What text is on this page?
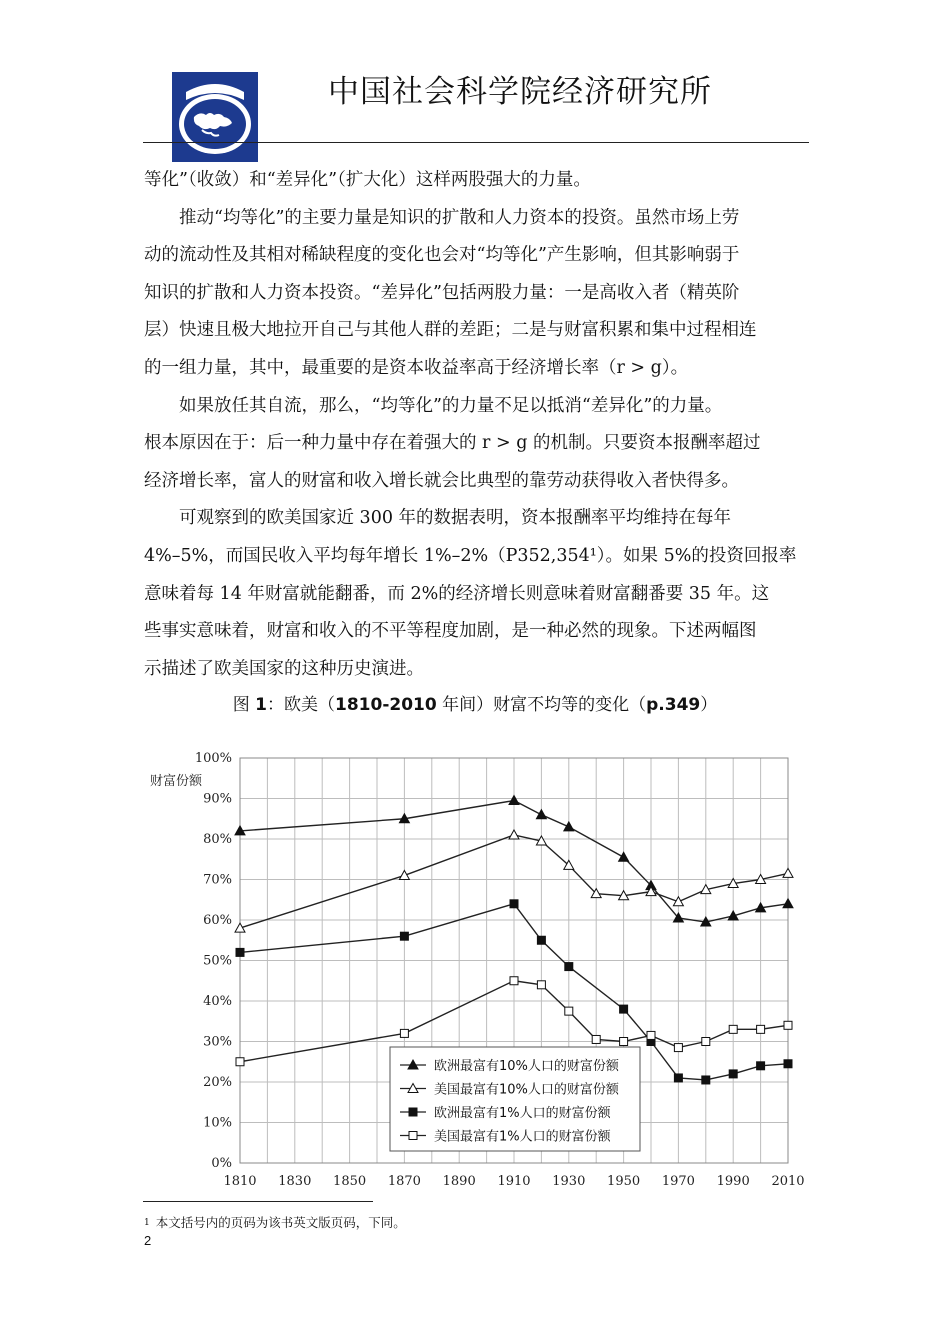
中国社会科学院经济研究所

等化”（收敛）和“差异化”（扩大化）这样两股强大的力量。

推动“均等化”的主要力量是知识的扩散和人力资本的投资。虽然市场上劳
动的流动性及其相对稀缺程度的变化也会对“均等化”产生影响，但其影响弱于
知识的扩散和人力资本投资。“差异化”包括两股力量：一是高收入者（精英阶
层）快速且极大地拉开自己与其他人群的差距；二是与财富积累和集中过程相连
的一组力量，其中，最重要的是资本收益率高于经济增长率（r > g）。

如果放任其自流，那么，“均等化”的力量不足以抵消“差异化”的力量。
根本原因在于：后一种力量中存在着强大的 r > g 的机制。只要资本报酬率超过
经济增长率，富人的财富和收入增长就会比典型的靠劳动获得收入者快得多。

可观察到的欧美国家近 300 年的数据表明，资本报酬率平均维持在每年
4%–5%，而国民收入平均每年增长 1%–2%（P352,354¹）。如果 5%的投资回报率
意味着每 14 年财富就能翻番，而 2%的经济增长则意味着财富翻番要 35 年。这
些事实意味着，财富和收入的不平等程度加剧，是一种必然的现象。下述两幅图
示描述了欧美国家的这种历史演进。

图 1：欧美（1810-2010 年间）财富不均等的变化（p.349）
0%
10%
20%
30%
40%
50%
60%
70%
80%
90%
100%
1810 1830 1850 1870 1890 1910 1930 1950 1970 1990 2010
财富份额
欧洲最富有10%人口的财富份额
美国最富有10%人口的财富份额
欧洲最富有1%人口的财富份额
美国最富有1%人口的财富份额
$^1$ 本文括号内的页码为该书英文版页码，下同。
2
